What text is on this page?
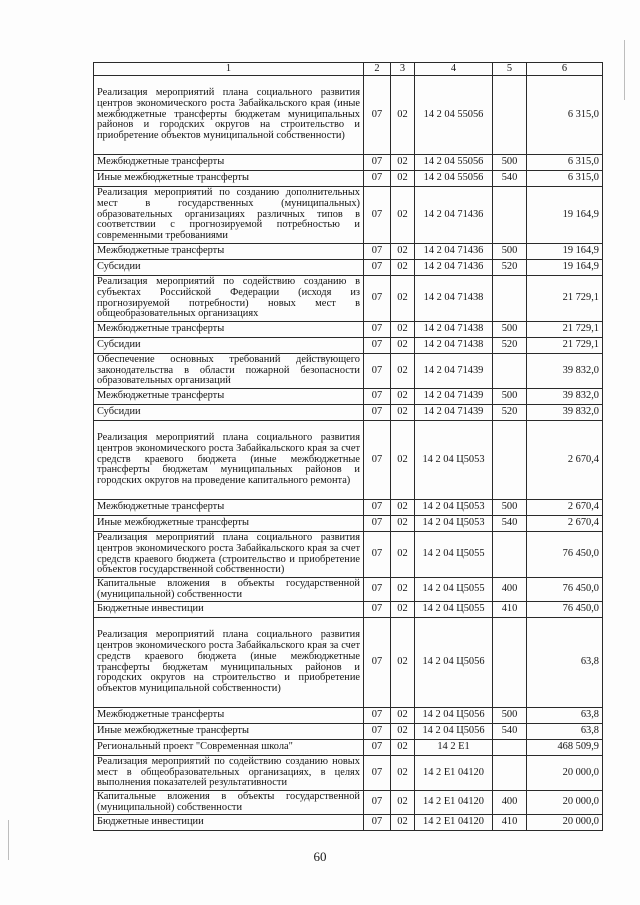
1	2	3	4	5	6
Реализация мероприятий плана социального развития центров экономического роста Забайкальского края (иные межбюджетные трансферты бюджетам муниципальных районов и городских округов на строительство и приобретение объектов муниципальной собственности)	07	02	14 2 04 55056		6 315,0
Межбюджетные трансферты	07	02	14 2 04 55056	500	6 315,0
Иные межбюджетные трансферты	07	02	14 2 04 55056	540	6 315,0
Реализация мероприятий по созданию дополнительных мест в государственных (муниципальных) образовательных организациях различных типов в соответствии с прогнозируемой потребностью и современными требованиями	07	02	14 2 04 71436		19 164,9
Межбюджетные трансферты	07	02	14 2 04 71436	500	19 164,9
Субсидии	07	02	14 2 04 71436	520	19 164,9
Реализация мероприятий по содействию созданию в субъектах Российской Федерации (исходя из прогнозируемой потребности) новых мест в общеобразовательных организациях	07	02	14 2 04 71438		21 729,1
Межбюджетные трансферты	07	02	14 2 04 71438	500	21 729,1
Субсидии	07	02	14 2 04 71438	520	21 729,1
Обеспечение основных требований действующего законодательства в области пожарной безопасности образовательных организаций	07	02	14 2 04 71439		39 832,0
Межбюджетные трансферты	07	02	14 2 04 71439	500	39 832,0
Субсидии	07	02	14 2 04 71439	520	39 832,0
Реализация мероприятий плана социального развития центров экономического роста Забайкальского края за счет средств краевого бюджета (иные межбюджетные трансферты бюджетам муниципальных районов и городских округов на проведение капитального ремонта)	07	02	14 2 04 Ц5053		2 670,4
Межбюджетные трансферты	07	02	14 2 04 Ц5053	500	2 670,4
Иные межбюджетные трансферты	07	02	14 2 04 Ц5053	540	2 670,4
Реализация мероприятий плана социального развития центров экономического роста Забайкальского края за счет средств краевого бюджета (строительство и приобретение объектов государственной собственности)	07	02	14 2 04 Ц5055		76 450,0
Капитальные вложения в объекты государственной (муниципальной) собственности	07	02	14 2 04 Ц5055	400	76 450,0
Бюджетные инвестиции	07	02	14 2 04 Ц5055	410	76 450,0
Реализация мероприятий плана социального развития центров экономического роста Забайкальского края за счет средств краевого бюджета (иные межбюджетные трансферты бюджетам муниципальных районов и городских округов на строительство и приобретение объектов муниципальной собственности)	07	02	14 2 04 Ц5056		63,8
Межбюджетные трансферты	07	02	14 2 04 Ц5056	500	63,8
Иные межбюджетные трансферты	07	02	14 2 04 Ц5056	540	63,8
Региональный проект "Современная школа"	07	02	14 2 E1		468 509,9
Реализация мероприятий по содействию созданию новых мест в общеобразовательных организациях, в целях выполнения показателей результативности	07	02	14 2 E1 04120		20 000,0
Капитальные вложения в объекты государственной (муниципальной) собственности	07	02	14 2 E1 04120	400	20 000,0
Бюджетные инвестиции	07	02	14 2 E1 04120	410	20 000,0
60
